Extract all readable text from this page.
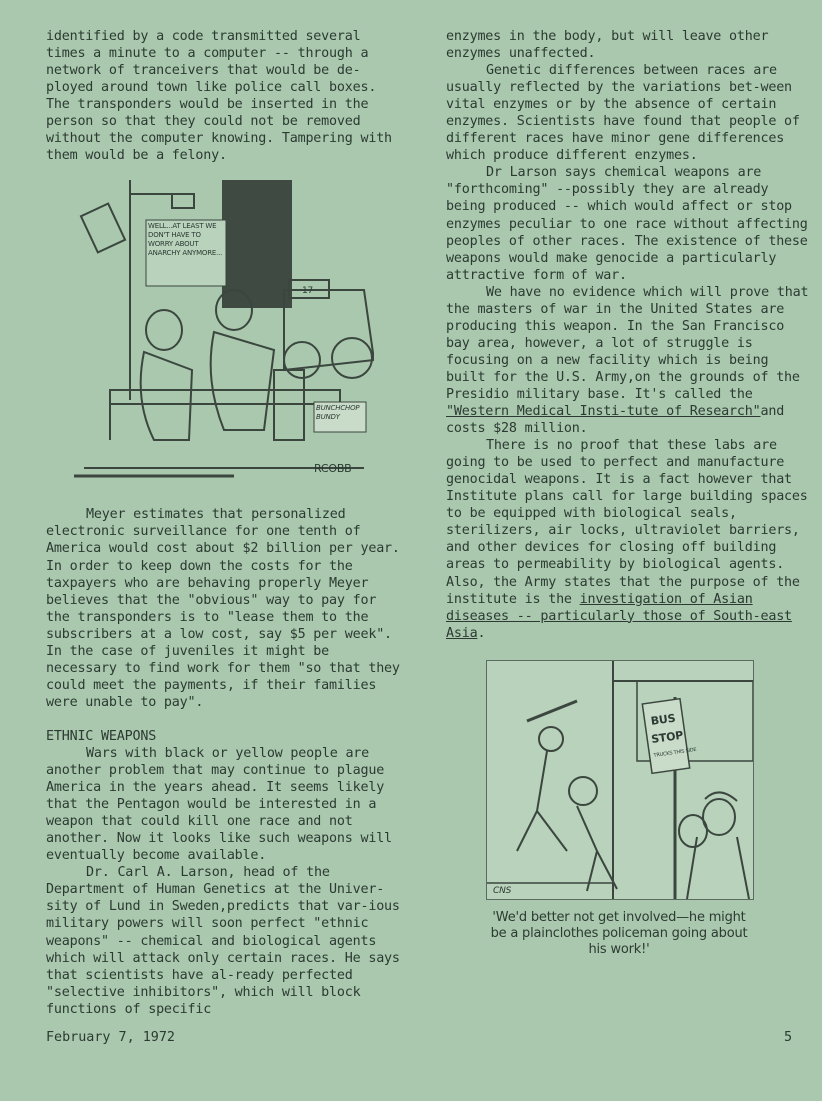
identified by a code transmitted several times a minute to a computer -- through a network of tranceivers that would be de-ployed around town like police call boxes. The transponders would be inserted in the person so that they could not be removed without the computer knowing. Tampering with them would be a felony.

WELL...AT LEAST WE DON'T HAVE TO WORRY ABOUT ANARCHY ANYMORE...
17
BUNCHCHOP BUNDY
RCOBB

Meyer estimates that personalized electronic surveillance for one tenth of America would cost about $2 billion per year. In order to keep down the costs for the taxpayers who are behaving properly Meyer believes that the "obvious" way to pay for the transponders is to "lease them to the subscribers at a low cost, say $5 per week". In the case of juveniles it might be necessary to find work for them "so that they could meet the payments, if their families were unable to pay".

ETHNIC WEAPONS

Wars with black or yellow people are another problem that may continue to plague America in the years ahead. It seems likely that the Pentagon would be interested in a weapon that could kill one race and not another. Now it looks like such weapons will eventually become available.

Dr. Carl A. Larson, head of the Department of Human Genetics at the Univer-sity of Lund in Sweden,predicts that var-ious military powers will soon perfect "ethnic weapons" -- chemical and biological agents which will attack only certain races. He says that scientists have al-ready perfected "selective inhibitors", which will block functions of specific

enzymes in the body, but will leave other enzymes unaffected.

Genetic differences between races are usually reflected by the variations bet-ween vital enzymes or by the absence of certain enzymes. Scientists have found that people of different races have minor gene differences which produce different enzymes.

Dr Larson says chemical weapons are "forthcoming" --possibly they are already being produced -- which would affect or stop enzymes peculiar to one race without affecting peoples of other races. The existence of these weapons would make genocide a particularly attractive form of war.

We have no evidence which will prove that the masters of war in the United States are producing this weapon. In the San Francisco bay area, however, a lot of struggle is focusing on a new facility which is being built for the U.S. Army,on the grounds of the Presidio military base. It's called the "Western Medical Insti-tute of Research"and costs $28 million.

There is no proof that these labs are going to be used to perfect and manufacture genocidal weapons. It is a fact however that Institute plans call for large building spaces to be equipped with biological seals, sterilizers, air locks, ultraviolet barriers, and other devices for closing off building areas to permeability by biological agents. Also, the Army states that the purpose of the institute is the investigation of Asian diseases -- particularly those of South-east Asia.

BUS
STOP
TRUCKS THIS SIDE
CNS

'We'd better not get involved—he might be a plainclothes policeman going about his work!'

February 7, 1972	5
